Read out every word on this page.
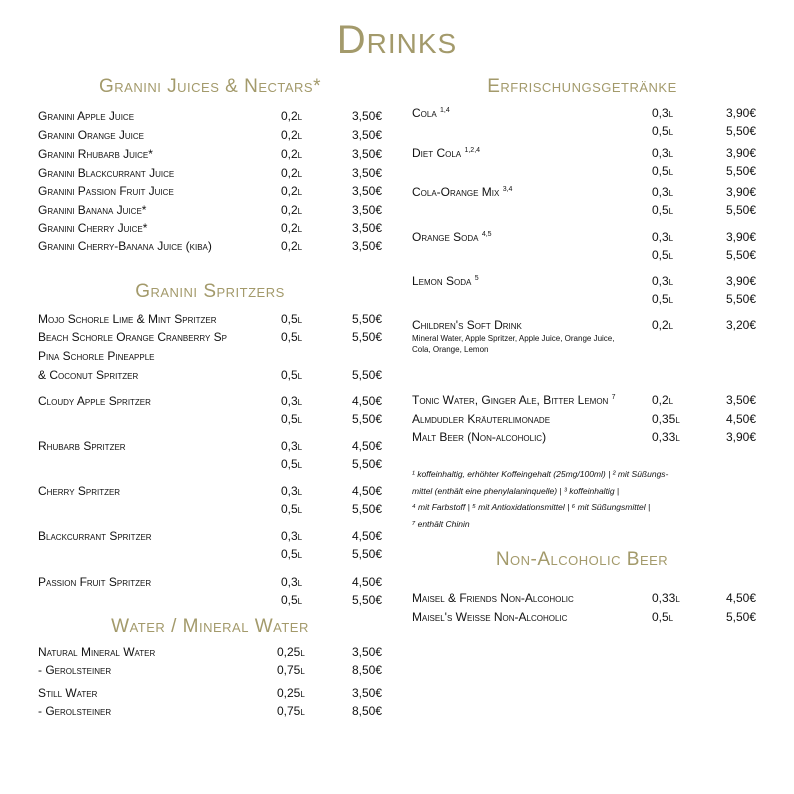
Drinks
Granini Juices & Nectars*
Granini Apple Juice	0,2l	3,50€
Granini Orange Juice	0,2l	3,50€
Granini Rhubarb Juice*	0,2l	3,50€
Granini Blackcurrant Juice	0,2l	3,50€
Granini Passion Fruit Juice	0,2l	3,50€
Granini Banana Juice*	0,2l	3,50€
Granini Cherry Juice*	0,2l	3,50€
Granini Cherry-Banana Juice (kiba)	0,2l	3,50€
Granini Spritzers
Mojo Schorle Lime & Mint Spritzer	0,5l	5,50€
Beach Schorle Orange Cranberry Sp	0,5l	5,50€
Pina Schorle Pineapple
& Coconut Spritzer	0,5l	5,50€
Cloudy Apple Spritzer	0,3l	4,50€
0,5l	5,50€
Rhubarb Spritzer	0,3l	4,50€
0,5l	5,50€
Cherry Spritzer	0,3l	4,50€
0,5l	5,50€
Blackcurrant Spritzer	0,3l	4,50€
0,5l	5,50€
Passion Fruit Spritzer	0,3l	4,50€
0,5l	5,50€
Water / Mineral Water
Natural Mineral Water	0,25l	3,50€
- Gerolsteiner	0,75l	8,50€
Still Water	0,25l	3,50€
- Gerolsteiner	0,75l	8,50€
Erfrischungsgetränke
Cola $^{1,4}$	0,3l	3,90€
0,5l	5,50€
Diet Cola $^{1,2,4}$	0,3l	3,90€
0,5l	5,50€
Cola-Orange Mix $^{3,4}$	0,3l	3,90€
0,5l	5,50€
Orange Soda $^{4,5}$	0,3l	3,90€
0,5l	5,50€
Lemon Soda $^5$	0,3l	3,90€
0,5l	5,50€
Children's Soft Drink	0,2l	3,20€
Mineral Water, Apple Spritzer, Apple Juice, Orange Juice, Cola, Orange, Lemon
Tonic Water, Ginger Ale, Bitter Lemon $^7$	0,2l	3,50€
Almdudler Kräuterlimonade	0,35l	4,50€
Malt Beer (Non-alcoholic)	0,33l	3,90€
¹ koffeinhaltig, erhöhter Koffeingehalt (25mg/100ml) | ² mit Süßungs-
mittel (enthält eine phenylalaninquelle) | ³ koffeinhaltig |
⁴ mit Farbstoff | ⁵ mit Antioxidationsmittel | ⁶ mit Süßungsmittel |
⁷ enthält Chinin
Non-Alcoholic Beer
Maisel & Friends Non-Alcoholic	0,33l	4,50€
Maisel's Weisse Non-Alcoholic	0,5l	5,50€
